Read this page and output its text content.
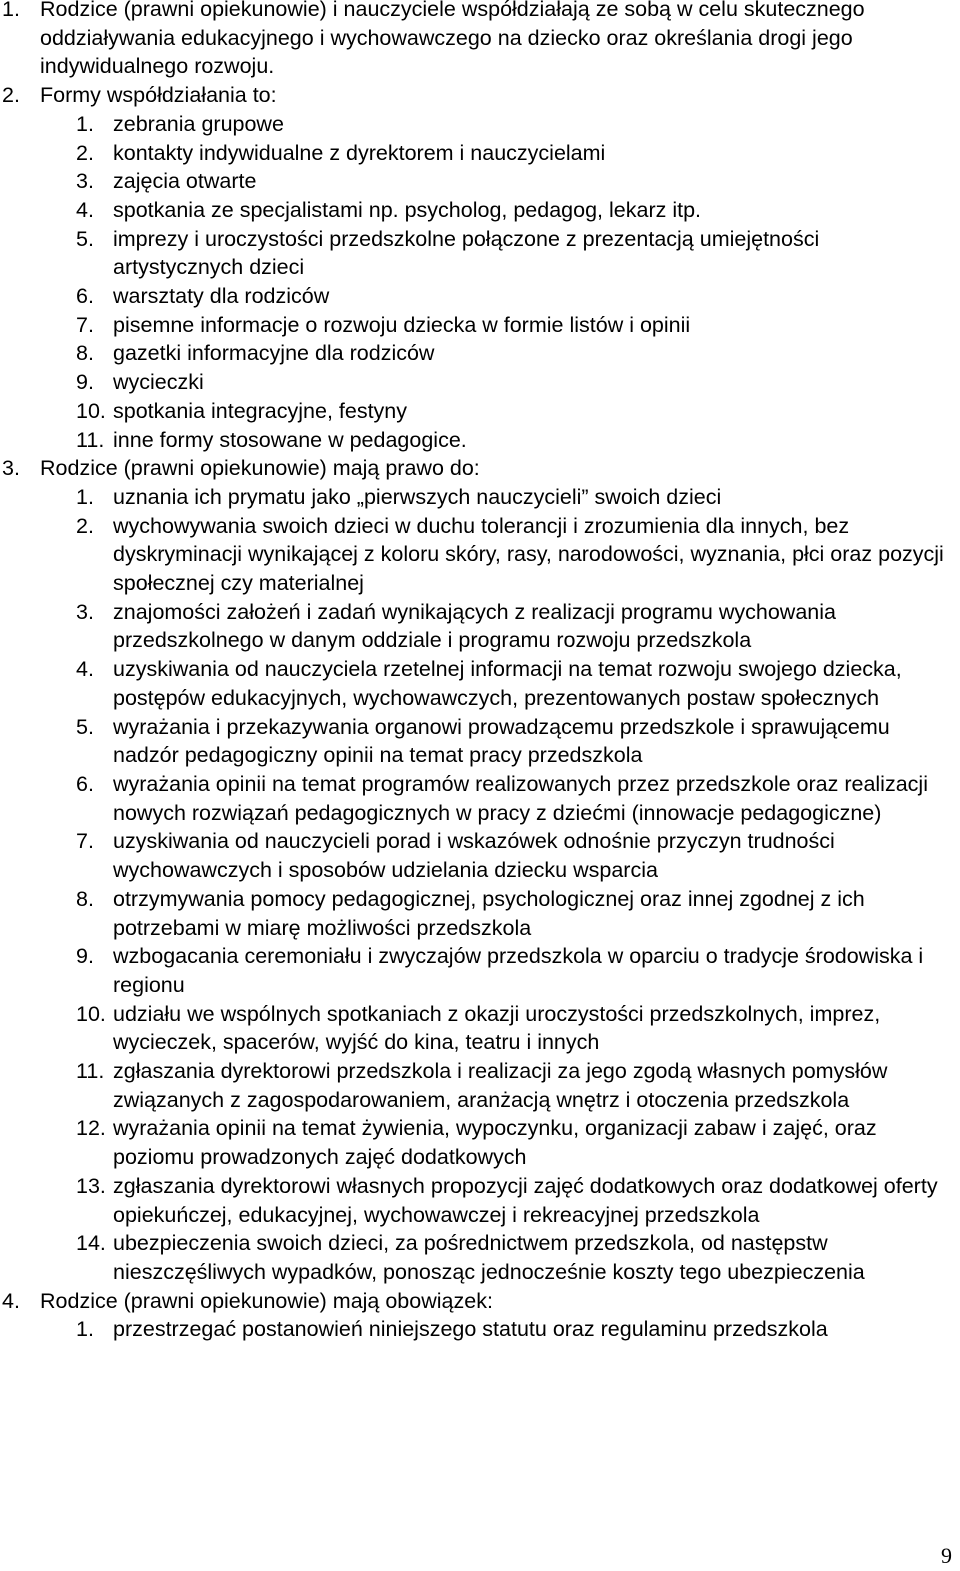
1. Rodzice (prawni opiekunowie) i nauczyciele współdziałają ze sobą w celu skutecznego oddziaływania edukacyjnego i wychowawczego na dziecko oraz określania drogi jego indywidualnego rozwoju.
2. Formy współdziałania to:
1. zebrania grupowe
2. kontakty indywidualne z dyrektorem i nauczycielami
3. zajęcia otwarte
4. spotkania ze specjalistami np. psycholog, pedagog, lekarz itp.
5. imprezy i uroczystości przedszkolne połączone z prezentacją umiejętności artystycznych dzieci
6. warsztaty dla rodziców
7. pisemne informacje o rozwoju dziecka w formie listów i opinii
8. gazetki informacyjne dla rodziców
9. wycieczki
10. spotkania integracyjne, festyny
11. inne formy stosowane w pedagogice.
3. Rodzice (prawni opiekunowie) mają prawo do:
1. uznania ich prymatu jako „pierwszych nauczycieli” swoich dzieci
2. wychowywania swoich dzieci w duchu tolerancji i zrozumienia dla innych, bez dyskryminacji wynikającej z koloru skóry, rasy, narodowości, wyznania, płci oraz pozycji społecznej czy materialnej
3. znajomości założeń i zadań wynikających z realizacji programu wychowania przedszkolnego w danym oddziale i programu rozwoju przedszkola
4. uzyskiwania od nauczyciela rzetelnej informacji na temat rozwoju swojego dziecka, postępów edukacyjnych, wychowawczych, prezentowanych postaw społecznych
5. wyrażania i przekazywania organowi prowadzącemu przedszkole i sprawującemu nadzór pedagogiczny opinii na temat pracy przedszkola
6. wyrażania opinii na temat programów realizowanych przez przedszkole oraz realizacji nowych rozwiązań pedagogicznych w pracy z dziećmi (innowacje pedagogiczne)
7. uzyskiwania od nauczycieli porad i wskazówek odnośnie przyczyn trudności wychowawczych i sposobów udzielania dziecku wsparcia
8. otrzymywania pomocy pedagogicznej, psychologicznej oraz innej zgodnej z ich potrzebami w miarę możliwości przedszkola
9. wzbogacania ceremoniału i zwyczajów przedszkola w oparciu o tradycje środowiska i regionu
10. udziału we wspólnych spotkaniach z okazji uroczystości przedszkolnych, imprez, wycieczek, spacerów, wyjść do kina, teatru i innych
11. zgłaszania dyrektorowi przedszkola i realizacji za jego zgodą własnych pomysłów związanych z zagospodarowaniem, aranżacją wnętrz i otoczenia przedszkola
12. wyrażania opinii na temat żywienia, wypoczynku, organizacji zabaw i zajęć, oraz poziomu prowadzonych zajęć dodatkowych
13. zgłaszania dyrektorowi własnych propozycji zajęć dodatkowych oraz dodatkowej oferty opiekuńczej, edukacyjnej, wychowawczej i rekreacyjnej przedszkola
14. ubezpieczenia swoich dzieci, za pośrednictwem przedszkola, od następstw nieszczęśliwych wypadków, ponosząc jednocześnie koszty tego ubezpieczenia
4. Rodzice (prawni opiekunowie) mają obowiązek:
1. przestrzegać postanowień niniejszego statutu oraz regulaminu przedszkola
9
